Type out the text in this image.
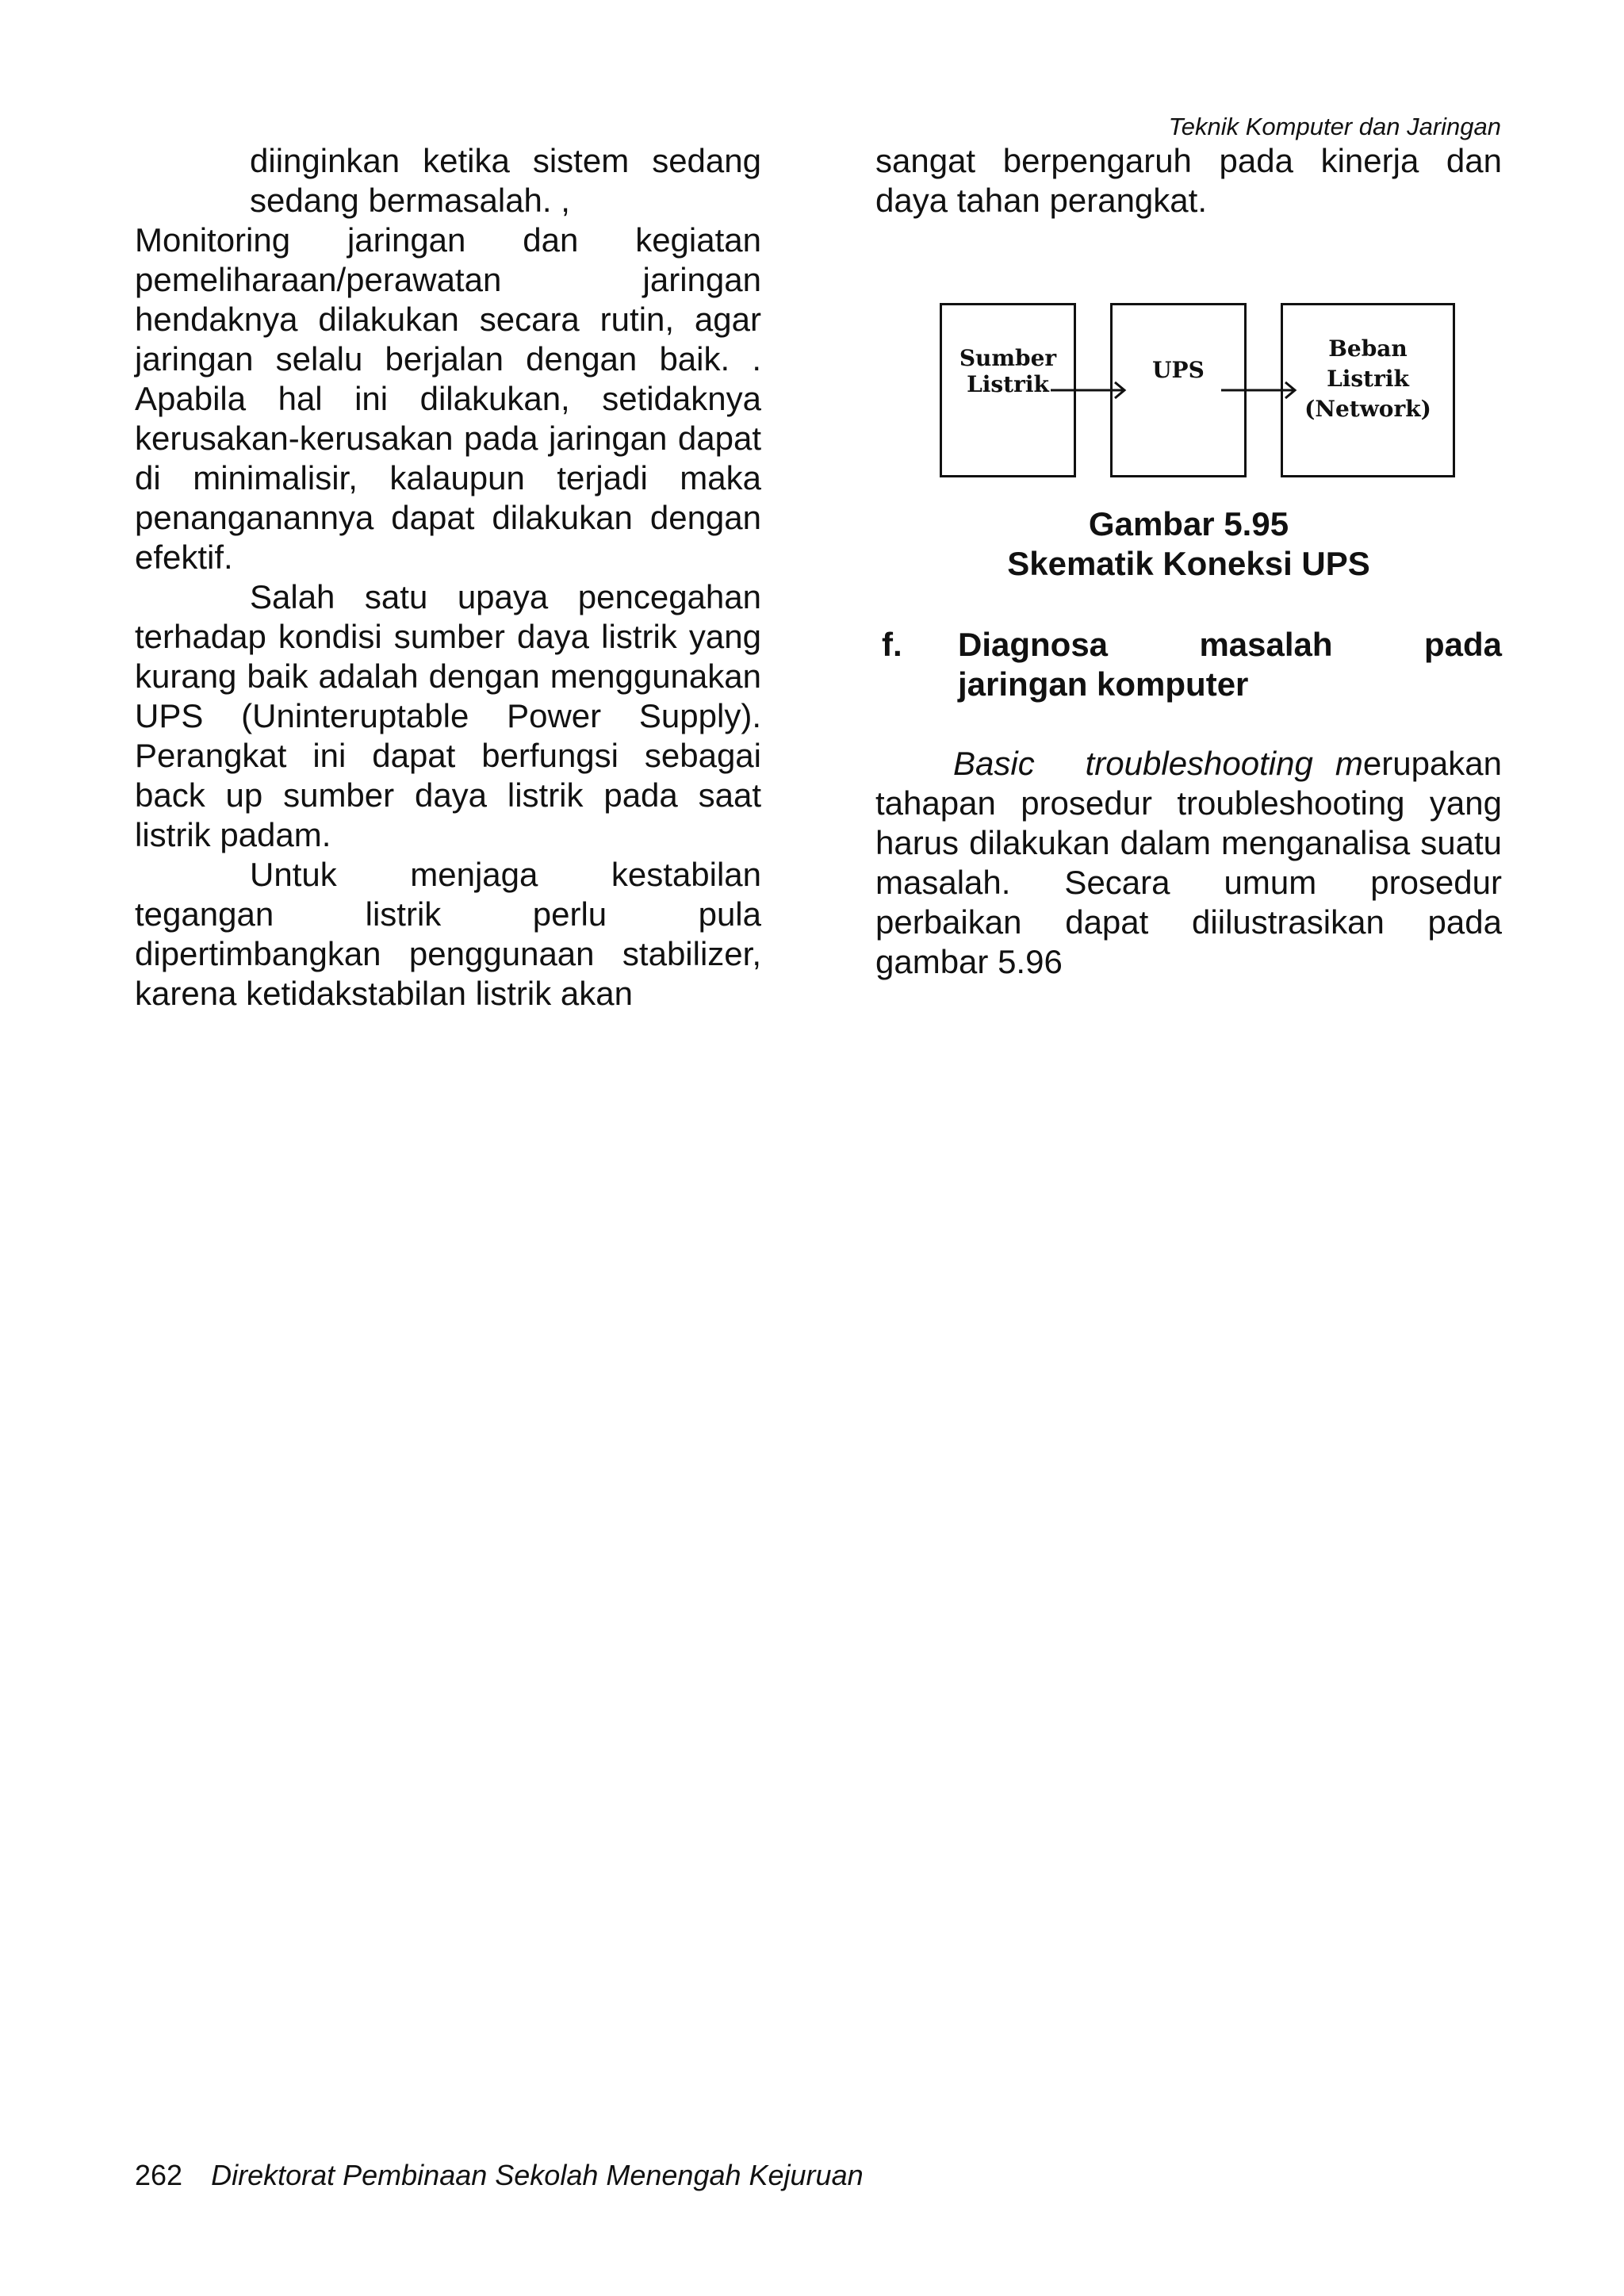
Teknik Komputer dan Jaringan

diinginkan ketika sistem sedang sedang bermasalah. ,

Monitoring jaringan dan kegiatan pemeliharaan/perawatan jaringan hendaknya dilakukan secara rutin, agar jaringan selalu berjalan dengan baik. . Apabila hal ini dilakukan, setidaknya kerusakan-kerusakan pada jaringan dapat di minimalisir, kalaupun terjadi maka penanganannya dapat dilakukan dengan efektif.

Salah satu upaya pencegahan terhadap kondisi sumber daya listrik yang kurang baik adalah dengan menggunakan UPS (Uninteruptable Power Supply). Perangkat ini dapat berfungsi sebagai back up sumber daya listrik pada saat listrik padam.

Untuk menjaga kestabilan tegangan listrik perlu pula dipertimbangkan penggunaan stabilizer, karena ketidakstabilan listrik akan

sangat berpengaruh pada kinerja dan daya tahan perangkat.

Sumber
Listrik
UPS
Beban
Listrik
(Network)
Gambar 5.95
Skematik Koneksi UPS
f. Diagnosa	masalah	pada
jaringan komputer
Basic troubleshooting merupakan tahapan prosedur troubleshooting yang harus dilakukan dalam menganalisa suatu masalah. Secara umum prosedur perbaikan dapat diilustrasikan pada gambar 5.96
262 Direktorat Pembinaan Sekolah Menengah Kejuruan
